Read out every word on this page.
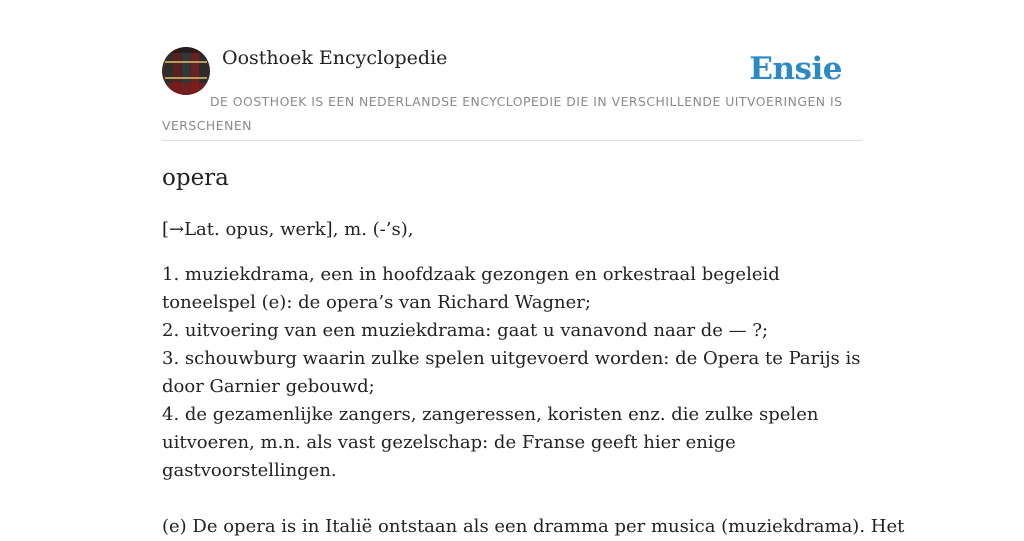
Oosthoek Encyclopedie	Ensie
DE OOSTHOEK IS EEN NEDERLANDSE ENCYCLOPEDIE DIE IN VERSCHILLENDE UITVOERINGEN IS VERSCHENEN
opera

[→Lat. opus, werk], m. (-’s),

1. muziekdrama, een in hoofdzaak gezongen en orkestraal begeleid toneelspel (e): de opera’s van Richard Wagner;
2. uitvoering van een muziekdrama: gaat u vanavond naar de — ?;
3. schouwburg waarin zulke spelen uitgevoerd worden: de Opera te Parijs is door Garnier gebouwd;
4. de gezamenlijke zangers, zangeressen, koristen enz. die zulke spelen uitvoeren, m.n. als vast gezelschap: de Franse geeft hier enige gastvoorstellingen.

(e) De opera is in Italië ontstaan als een dramma per musica (muziekdrama). Het
